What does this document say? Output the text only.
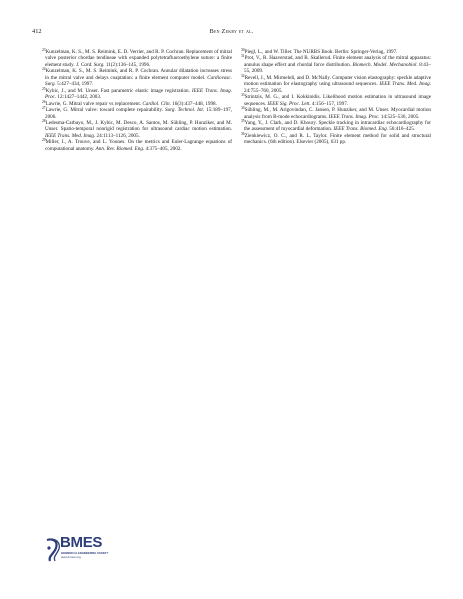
412	Ben Zekry et al.

$^{23}$Kunzelman, K. S., M. S. Reimink, E. D. Verrier, and R. P. Cochran. Replacement of mitral valve posterior chordae tendineae with expanded polytetrafluoroethylene suture: a finite element study. J. Card. Surg. 11(2):136–145, 1996.

$^{24}$Kunzelman, K. S., M. S. Reimink, and R. P. Cochran. Annular dilatation increases stress in the mitral valve and delays coaptation: a finite element computer model. Cardiovasc. Surg. 5:427–434, 1997.

$^{25}$Kybic, J., and M. Unser. Fast parametric elastic image registration. IEEE Trans. Imag. Proc. 12:1427–1442, 2003.

$^{26}$Lawrie, G. Mitral valve repair vs replacement. Cardiol. Clin. 16(3):437–448, 1998.

$^{27}$Lawrie, G. Mitral valve: toward complete repairability. Surg. Technol. Int. 15:189–197, 2006.

$^{28}$Ledesma-Carbayo, M., J. Kybic, M. Desco, A. Santos, M. Sühling, P. Hunziker, and M. Unser. Spatio-temporal nonrigid registration for ultrasound cardiac motion estimation. IEEE Trans. Med. Imag. 24:1113–1126, 2005.

$^{29}$Miller, I., A. Trouve, and L. Younes. On the metrics and Euler-Lagrange equations of computational anatomy. Ann. Rev. Biomed. Eng. 4:375–405, 2002.

$^{30}$Piegl, L., and W. Tiller. The NURBS Book. Berlin: Springer-Verlag, 1997.

$^{31}$Prot, V., R. Haaverstad, and B. Skallerud. Finite element analysis of the mitral apparatus: annulus shape effect and chordal force distribution. Biomech. Model. Mechanobiol. 8:43–55, 2009.

$^{32}$Revell, J., M. Mirmehdi, and D. McNally. Computer vision elastography: speckle adaptive motion estimation for elastography using ultrasound sequences. IEEE Trans. Med. Imag. 24:755–760, 2005.

$^{33}$Strintzis, M. G., and I. Kokkinidis. Likelihood motion estimation in ultrasound image sequences. IEEE Sig. Proc. Lett. 4:156–157, 1997.

$^{34}$Sühling, M., M. Arigovindan, C. Jansen, P. Hunziker, and M. Unser. Myocardial motion analysis from B-mode echocardiograms. IEEE Trans. Imag. Proc. 14:525–536, 2005.

$^{35}$Yang, Y., J. Clark, and D. Khoury. Speckle tracking in intracardiac echocardiography for the assessment of myocardial deformation. IEEE Trans. Biomed. Eng. 56:416–425.

$^{36}$Zienkiewicz, O. C., and R. L. Taylor. Finite element method for solid and structural mechanics. (6th edition). Elsevier (2005), 631 pp.

BMES
BIOMEDICAL ENGINEERING SOCIETY
www.bmes.org
